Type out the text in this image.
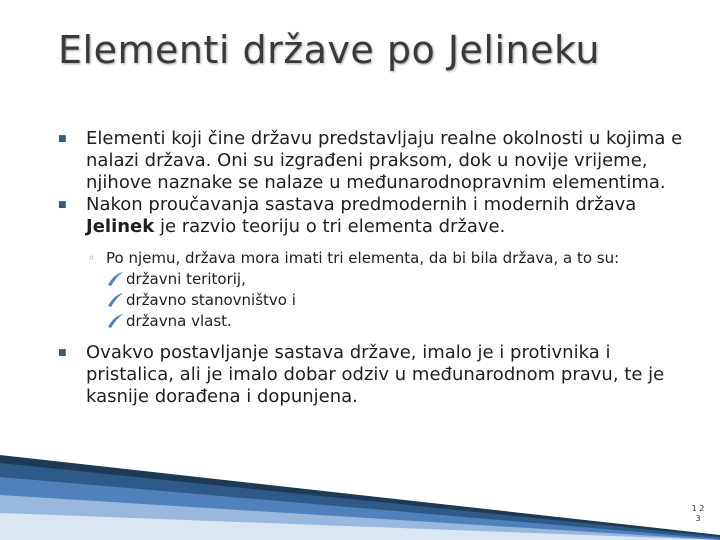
Elementi države po Jelineku
■ Elementi koji čine državu predstavljaju realne okolnosti u kojima e nalazi država. Oni su izgrađeni praksom, dok u novije vrijeme, njihove naznake se nalaze u međunarodnopravnim elementima.
■ Nakon proučavanja sastava predmodernih i modernih država Jelinek je razvio teoriju o tri elementa države.
◦ Po njemu, država mora imati tri elementa, da bi bila država, a to su:
državni teritorij,
državno stanovništvo i
državna vlast.
■ Ovakvo postavljanje sastava države, imalo je i protivnika i pristalica, ali je imalo dobar odziv u međunarodnom pravu, te je kasnije dorađena i dopunjena.
1 2
3
